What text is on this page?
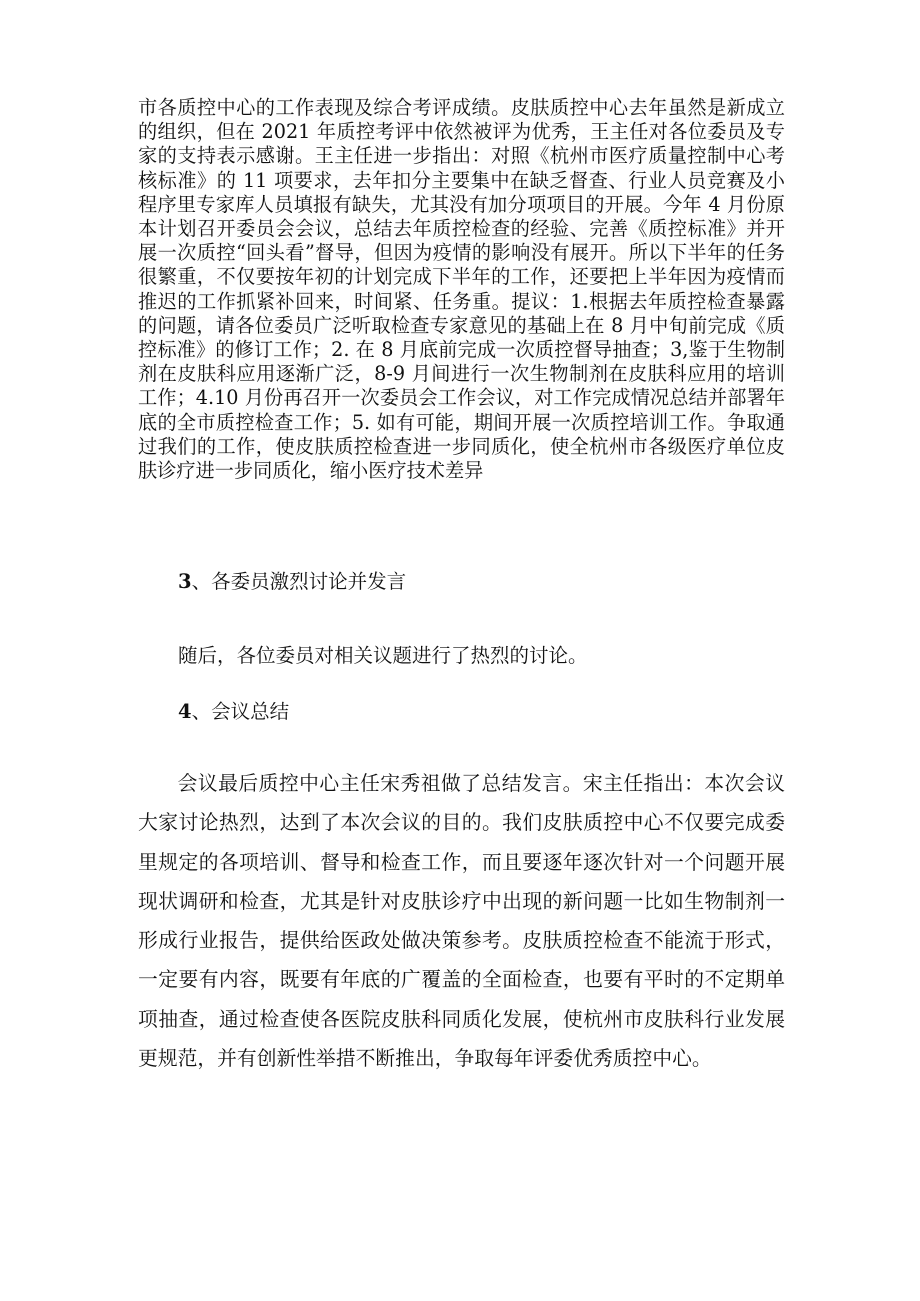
市各质控中心的工作表现及综合考评成绩。皮肤质控中心去年虽然是新成立的组织，但在 2021 年质控考评中依然被评为优秀，王主任对各位委员及专家的支持表示感谢。王主任进一步指出：对照《杭州市医疗质量控制中心考核标准》的 11 项要求，去年扣分主要集中在缺乏督查、行业人员竞赛及小程序里专家库人员填报有缺失，尤其没有加分项项目的开展。今年 4 月份原本计划召开委员会会议，总结去年质控检查的经验、完善《质控标准》并开展一次质控“回头看”督导，但因为疫情的影响没有展开。所以下半年的任务很繁重，不仅要按年初的计划完成下半年的工作，还要把上半年因为疫情而推迟的工作抓紧补回来，时间紧、任务重。提议：1.根据去年质控检查暴露的问题，请各位委员广泛听取检查专家意见的基础上在 8 月中旬前完成《质控标准》的修订工作；2. 在 8 月底前完成一次质控督导抽查；3,鉴于生物制剂在皮肤科应用逐渐广泛，8-9 月间进行一次生物制剂在皮肤科应用的培训工作；4.10 月份再召开一次委员会工作会议，对工作完成情况总结并部署年底的全市质控检查工作；5. 如有可能，期间开展一次质控培训工作。争取通过我们的工作，使皮肤质控检查进一步同质化，使全杭州市各级医疗单位皮肤诊疗进一步同质化，缩小医疗技术差异

3、各委员激烈讨论并发言

随后，各位委员对相关议题进行了热烈的讨论。

4、会议总结

会议最后质控中心主任宋秀祖做了总结发言。宋主任指出：本次会议大家讨论热烈，达到了本次会议的目的。我们皮肤质控中心不仅要完成委里规定的各项培训、督导和检查工作，而且要逐年逐次针对一个问题开展现状调研和检查，尤其是针对皮肤诊疗中出现的新问题一比如生物制剂一形成行业报告，提供给医政处做决策参考。皮肤质控检查不能流于形式，一定要有内容，既要有年底的广覆盖的全面检查，也要有平时的不定期单项抽查，通过检查使各医院皮肤科同质化发展，使杭州市皮肤科行业发展更规范，并有创新性举措不断推出，争取每年评委优秀质控中心。
